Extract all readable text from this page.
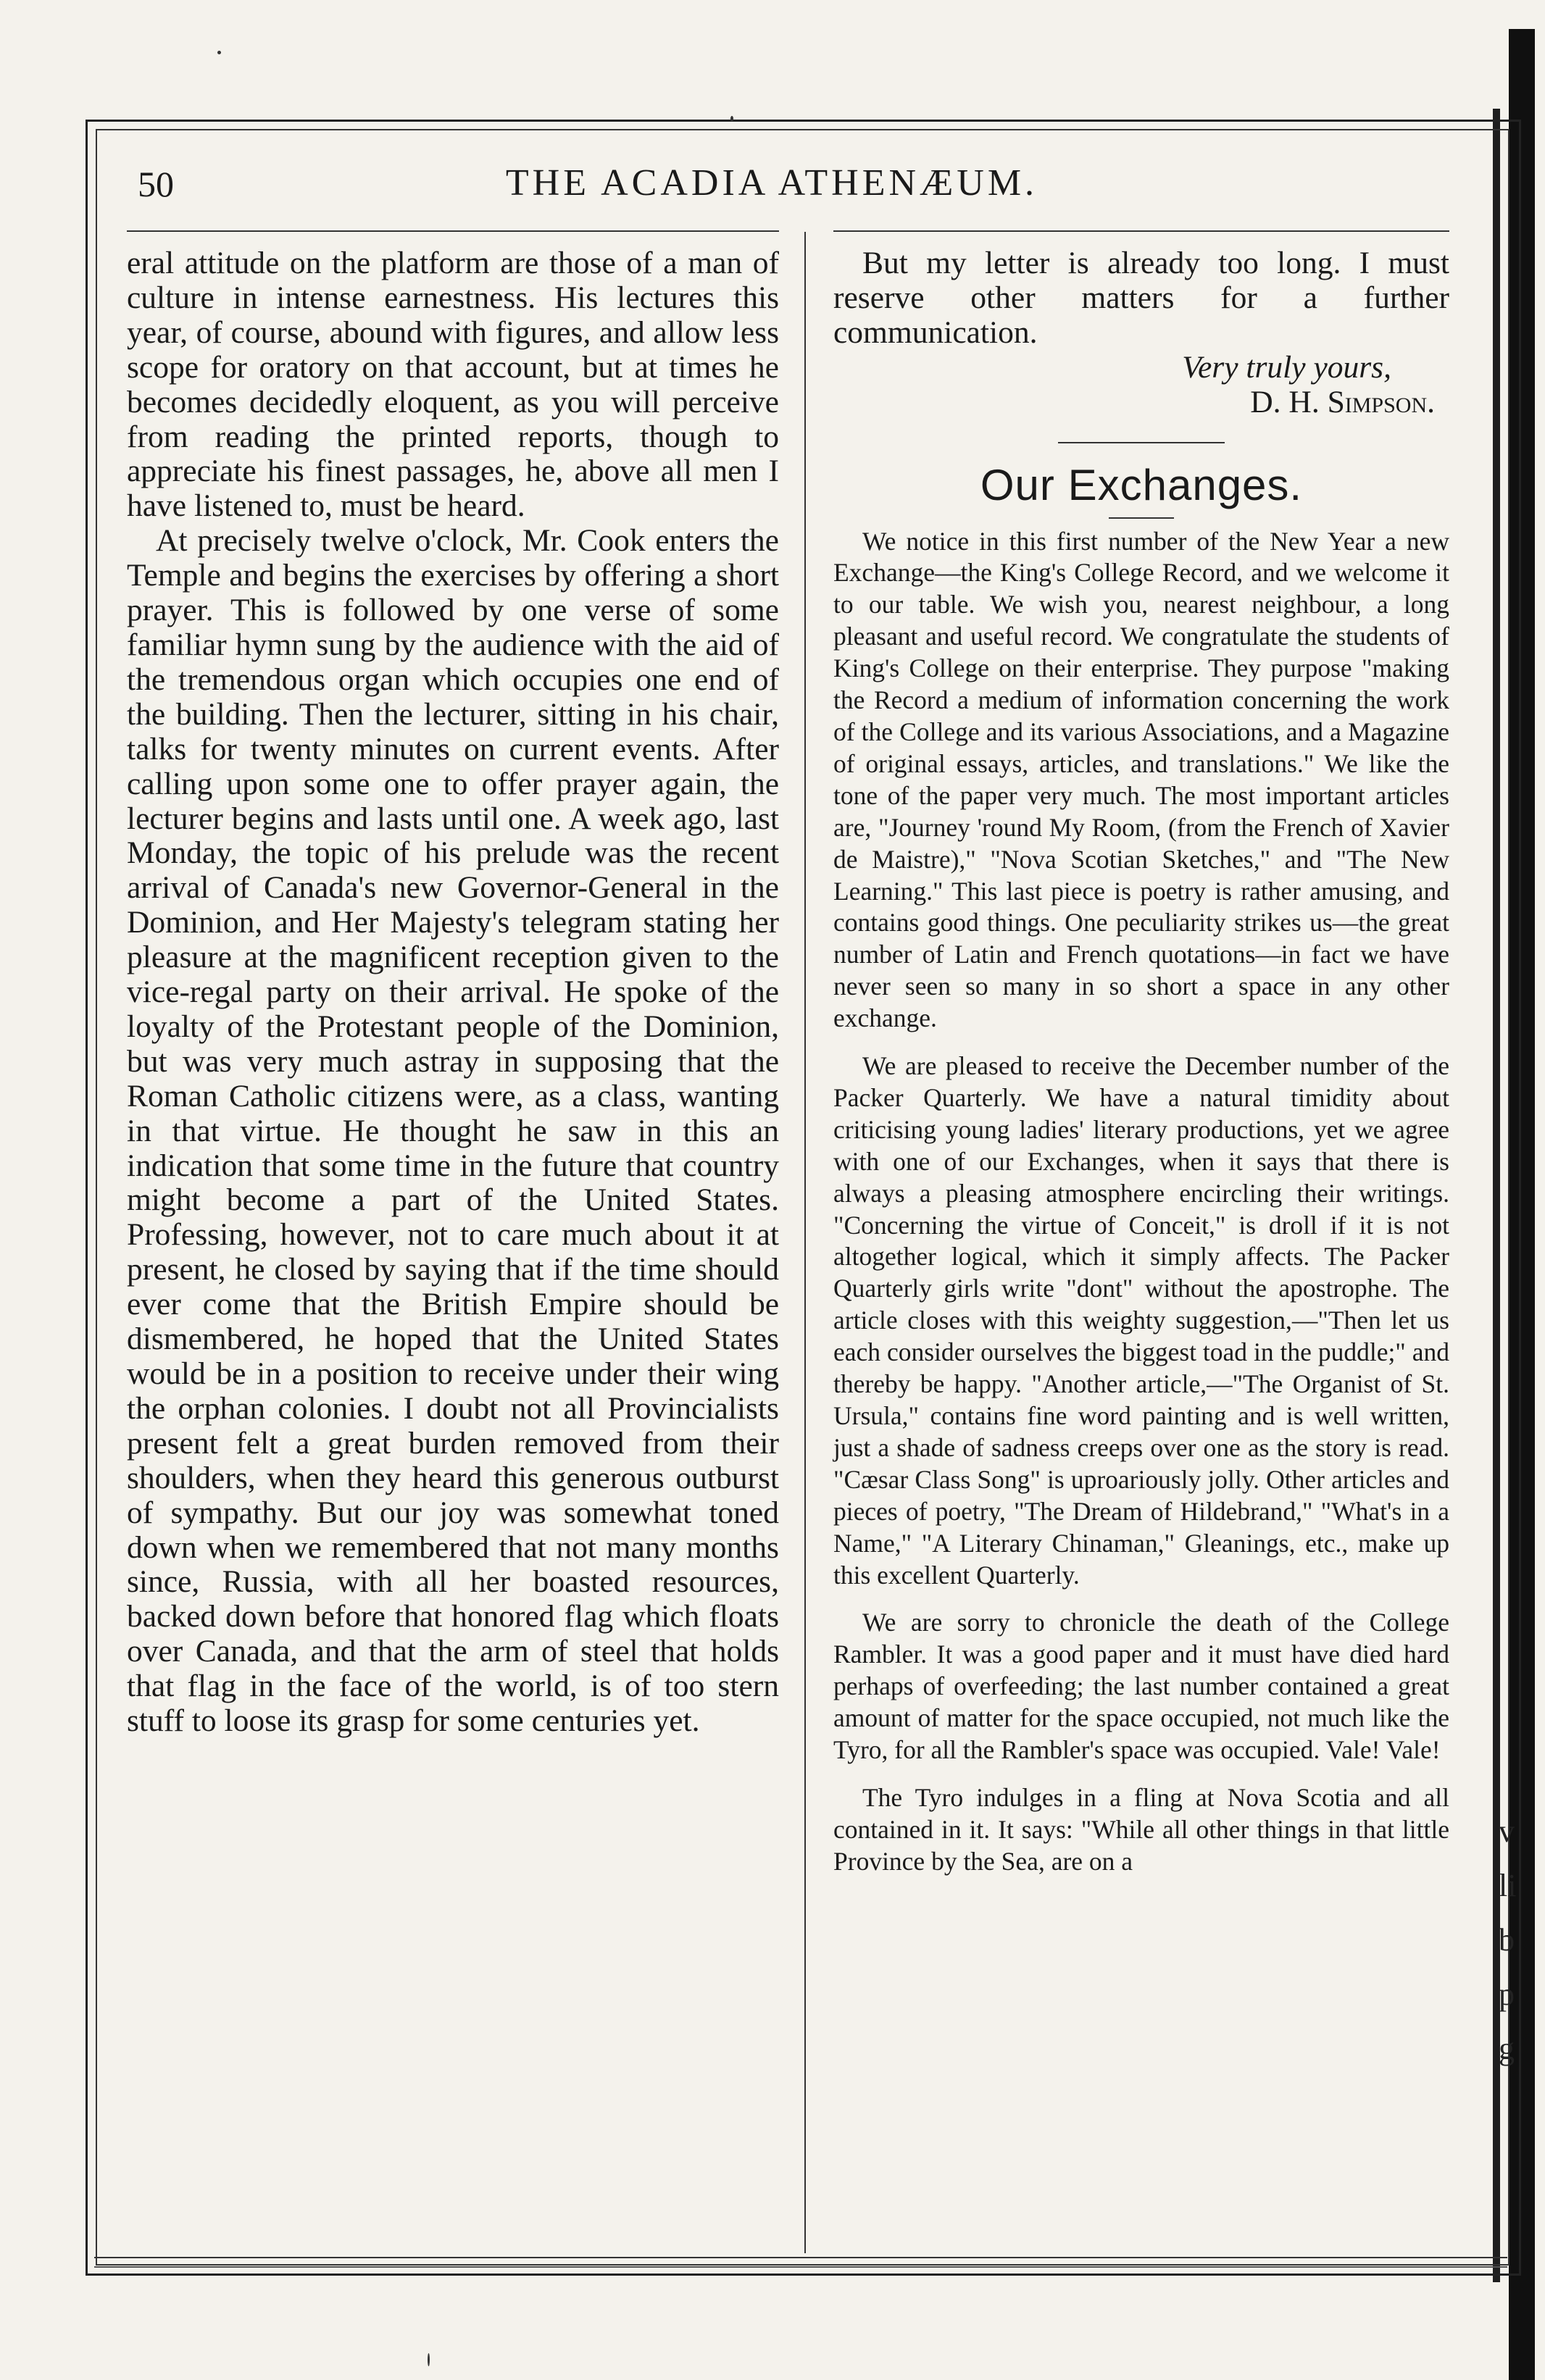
50	THE ACADIA ATHENÆUM.

eral attitude on the platform are those of a man of culture in intense earnestness. His lectures this year, of course, abound with figures, and allow less scope for oratory on that account, but at times he becomes decidedly eloquent, as you will perceive from reading the printed reports, though to appreciate his finest passages, he, above all men I have listened to, must be heard.

At precisely twelve o'clock, Mr. Cook enters the Temple and begins the exercises by offering a short prayer. This is followed by one verse of some familiar hymn sung by the audience with the aid of the tremendous organ which occupies one end of the building. Then the lecturer, sitting in his chair, talks for twenty minutes on current events. After calling upon some one to offer prayer again, the lecturer begins and lasts until one. A week ago, last Monday, the topic of his prelude was the recent arrival of Canada's new Governor-General in the Dominion, and Her Majesty's telegram stating her pleasure at the magnificent reception given to the vice-regal party on their arrival. He spoke of the loyalty of the Protestant people of the Dominion, but was very much astray in supposing that the Roman Catholic citizens were, as a class, wanting in that virtue. He thought he saw in this an indication that some time in the future that country might become a part of the United States. Professing, however, not to care much about it at present, he closed by saying that if the time should ever come that the British Empire should be dismembered, he hoped that the United States would be in a position to receive under their wing the orphan colonies. I doubt not all Provincialists present felt a great burden removed from their shoulders, when they heard this generous outburst of sympathy. But our joy was somewhat toned down when we remembered that not many months since, Russia, with all her boasted resources, backed down before that honored flag which floats over Canada, and that the arm of steel that holds that flag in the face of the world, is of too stern stuff to loose its grasp for some centuries yet.

But my letter is already too long. I must reserve other matters for a further communication.

Very truly yours,

D. H. Simpson.

Our Exchanges.

We notice in this first number of the New Year a new Exchange—the King's College Record, and we welcome it to our table. We wish you, nearest neighbour, a long pleasant and useful record. We congratulate the students of King's College on their enterprise. They purpose "making the Record a medium of information concerning the work of the College and its various Associations, and a Magazine of original essays, articles, and translations." We like the tone of the paper very much. The most important articles are, "Journey 'round My Room, (from the French of Xavier de Maistre)," "Nova Scotian Sketches," and "The New Learning." This last piece is poetry is rather amusing, and contains good things. One peculiarity strikes us—the great number of Latin and French quotations—in fact we have never seen so many in so short a space in any other exchange.

We are pleased to receive the December number of the Packer Quarterly. We have a natural timidity about criticising young ladies' literary productions, yet we agree with one of our Exchanges, when it says that there is always a pleasing atmosphere encircling their writings. "Concerning the virtue of Conceit," is droll if it is not altogether logical, which it simply affects. The Packer Quarterly girls write "dont" without the apostrophe. The article closes with this weighty suggestion,—"Then let us each consider ourselves the biggest toad in the puddle;" and thereby be happy. "Another article,—"The Organist of St. Ursula," contains fine word painting and is well written, just a shade of sadness creeps over one as the story is read. "Cæsar Class Song" is uproariously jolly. Other articles and pieces of poetry, "The Dream of Hildebrand," "What's in a Name," "A Literary Chinaman," Gleanings, etc., make up this excellent Quarterly.

We are sorry to chronicle the death of the College Rambler. It was a good paper and it must have died hard perhaps of overfeeding; the last number contained a great amount of matter for the space occupied, not much like the Tyro, for all the Rambler's space was occupied. Vale! Vale!

The Tyro indulges in a fling at Nova Scotia and all contained in it. It says: "While all other things in that little Province by the Sea, are on a

v
li
b
p
g
